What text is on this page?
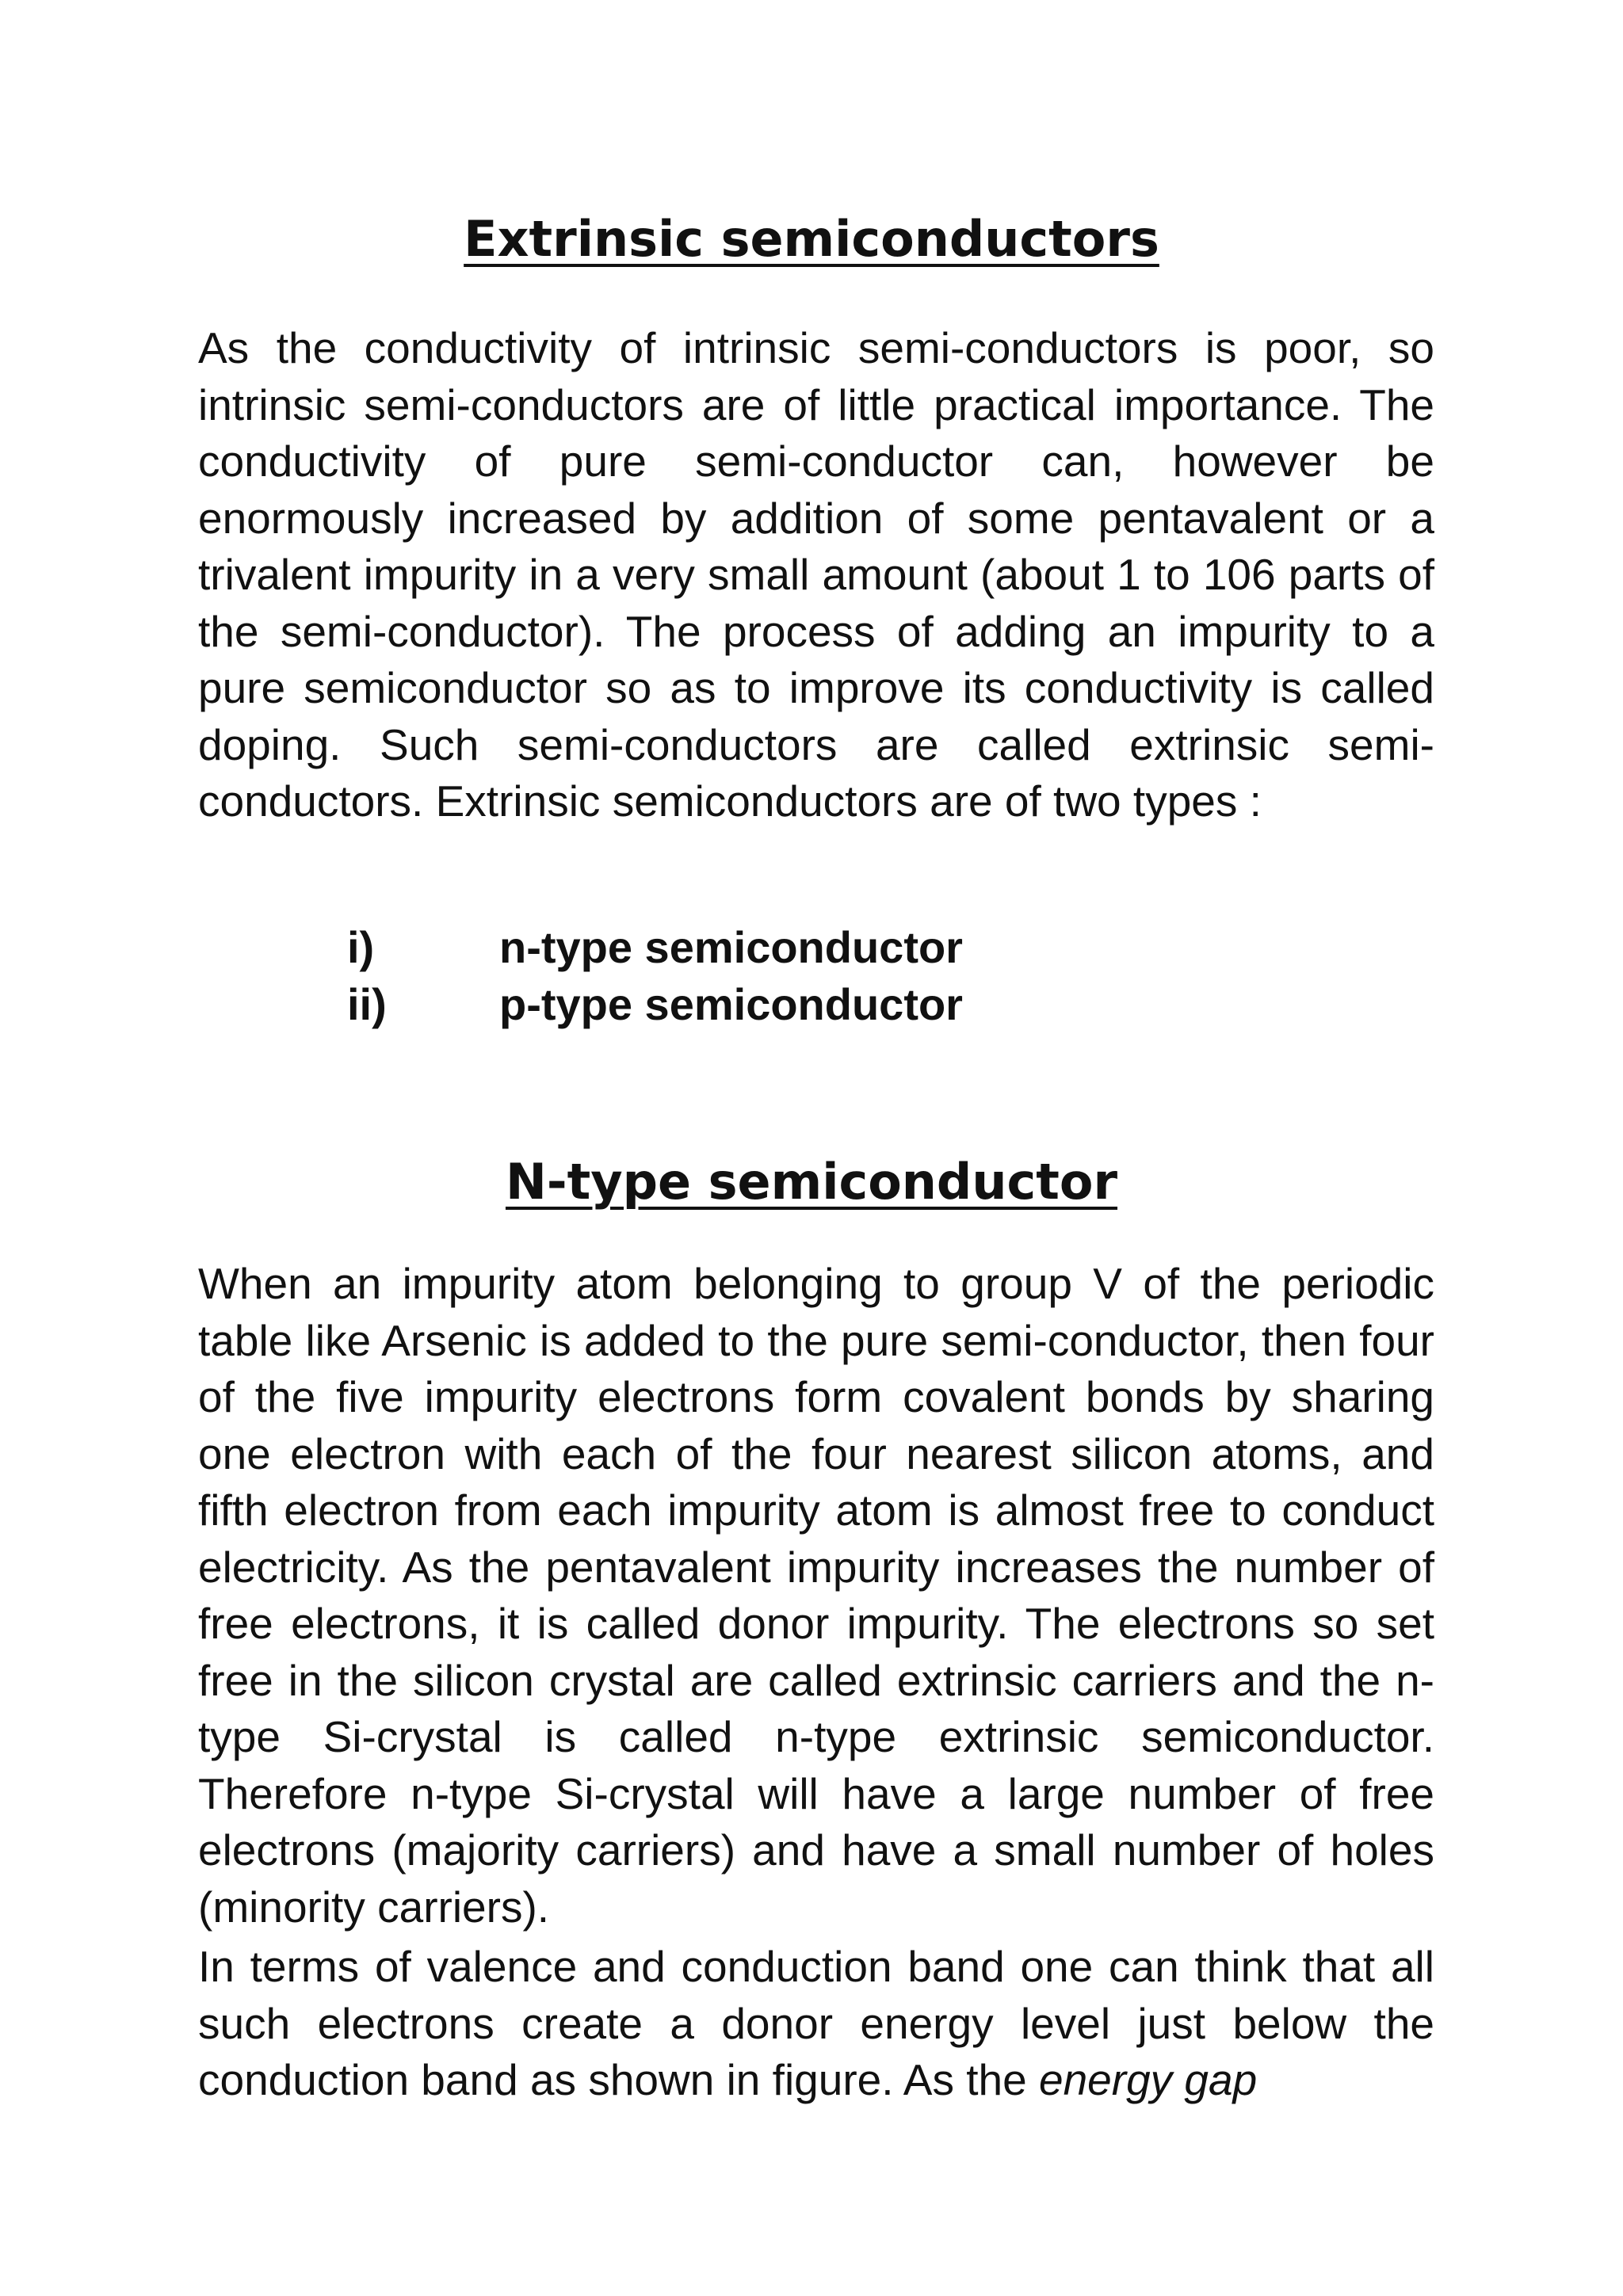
Extrinsic semiconductors

As the conductivity of intrinsic semi-conductors is poor, so intrinsic semi-conductors are of little practical importance. The conductivity of pure semi-conductor can, however be enormously increased by addition of some pentavalent or a trivalent impurity in a very small amount (about 1 to 106 parts of the semi-conductor). The process of adding an impurity to a pure semiconductor so as to improve its conductivity is called doping. Such semi-conductors are called extrinsic semi-conductors. Extrinsic semiconductors are of two types :

i)	n-type semiconductor
ii)	p-type semiconductor
N-type semiconductor

When an impurity atom belonging to group V of the periodic table like Arsenic is added to the pure semi-conductor, then four of the five impurity electrons form covalent bonds by sharing one electron with each of the four nearest silicon atoms, and fifth electron from each impurity atom is almost free to conduct electricity. As the pentavalent impurity increases the number of free electrons, it is called donor impurity. The electrons so set free in the silicon crystal are called extrinsic carriers and the n-type Si-crystal is called n-type extrinsic semiconductor. Therefore n-type Si-crystal will have a large number of free electrons (majority carriers) and have a small number of holes (minority carriers).

In terms of valence and conduction band one can think that all such electrons create a donor energy level just below the conduction band as shown in figure. As the energy gap
